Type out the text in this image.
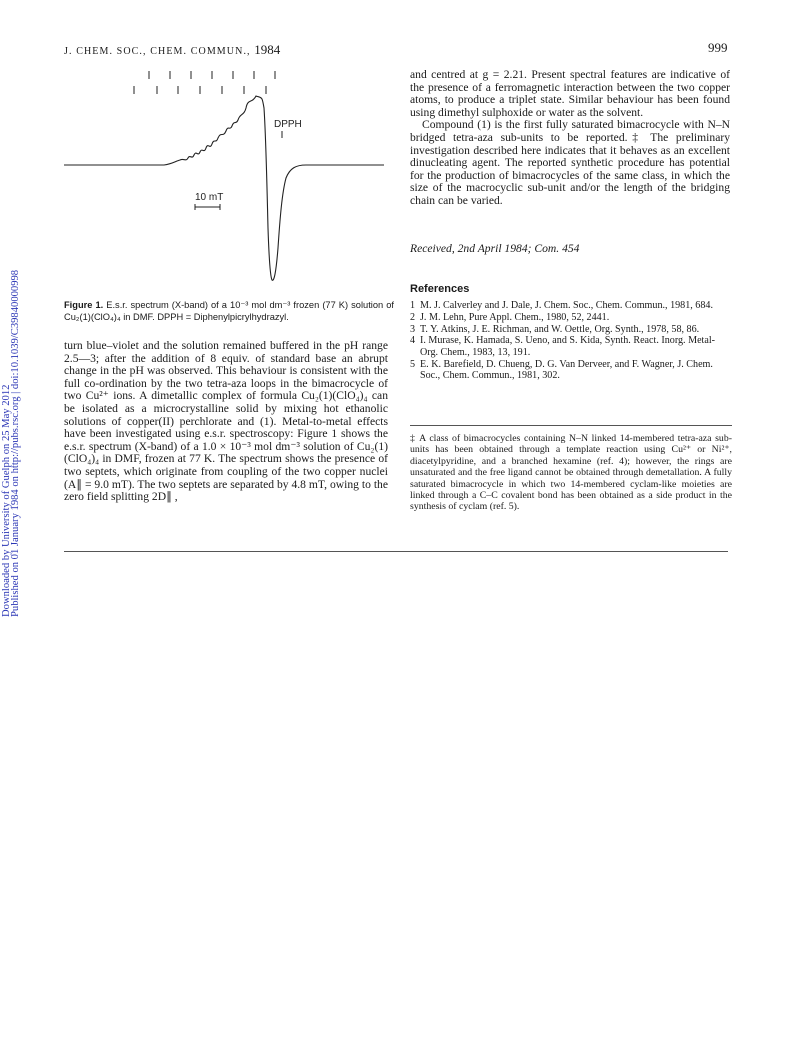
Downloaded by University of Guelph on 25 May 2012
Published on 01 January 1984 on http://pubs.rsc.org | doi:10.1039/C39840000998
J. CHEM. SOC., CHEM. COMMUN., 1984	999
DPPH
10 mT
Figure 1. E.s.r. spectrum (X-band) of a 10⁻³ mol dm⁻³ frozen (77 K) solution of Cu₂(1)(ClO₄)₄ in DMF. DPPH = Diphenylpicrylhydrazyl.

turn blue–violet and the solution remained buffered in the pH range 2.5—3; after the addition of 8 equiv. of standard base an abrupt change in the pH was observed. This behaviour is consistent with the full co-ordination by the two tetra-aza loops in the bimacrocycle of two Cu²⁺ ions. A dimetallic complex of formula Cu₂(1)(ClO₄)₄ can be isolated as a microcrystalline solid by mixing hot ethanolic solutions of copper(II) perchlorate and (1). Metal-to-metal effects have been investigated using e.s.r. spectroscopy: Figure 1 shows the e.s.r. spectrum (X-band) of a 1.0 × 10⁻³ mol dm⁻³ solution of Cu₂(1)(ClO₄)₄ in DMF, frozen at 77 K. The spectrum shows the presence of two septets, which originate from coupling of the two copper nuclei (A∥ = 9.0 mT). The two septets are separated by 4.8 mT, owing to the zero field splitting 2D∥ ,

and centred at g = 2.21. Present spectral features are indicative of the presence of a ferromagnetic interaction between the two copper atoms, to produce a triplet state. Similar behaviour has been found using dimethyl sulphoxide or water as the solvent.

Compound (1) is the first fully saturated bimacrocycle with N–N bridged tetra-aza sub-units to be reported.‡ The preliminary investigation described here indicates that it behaves as an excellent dinucleating agent. The reported synthetic procedure has potential for the production of bimacrocycles of the same class, in which the size of the macrocyclic sub-unit and/or the length of the bridging chain can be varied.

Received, 2nd April 1984; Com. 454
References
1 M. J. Calverley and J. Dale, J. Chem. Soc., Chem. Commun., 1981, 684.
2 J. M. Lehn, Pure Appl. Chem., 1980, 52, 2441.
3 T. Y. Atkins, J. E. Richman, and W. Oettle, Org. Synth., 1978, 58, 86.
4 I. Murase, K. Hamada, S. Ueno, and S. Kida, Synth. React. Inorg. Metal-Org. Chem., 1983, 13, 191.
5 E. K. Barefield, D. Chueng, D. G. Van Derveer, and F. Wagner, J. Chem. Soc., Chem. Commun., 1981, 302.
‡ A class of bimacrocycles containing N–N linked 14-membered tetra-aza sub-units has been obtained through a template reaction using Cu²⁺ or Ni²⁺, diacetylpyridine, and a branched hexamine (ref. 4); however, the rings are unsaturated and the free ligand cannot be obtained through demetallation. A fully saturated bimacrocycle in which two 14-membered cyclam-like moieties are linked through a C–C covalent bond has been obtained as a side product in the synthesis of cyclam (ref. 5).
